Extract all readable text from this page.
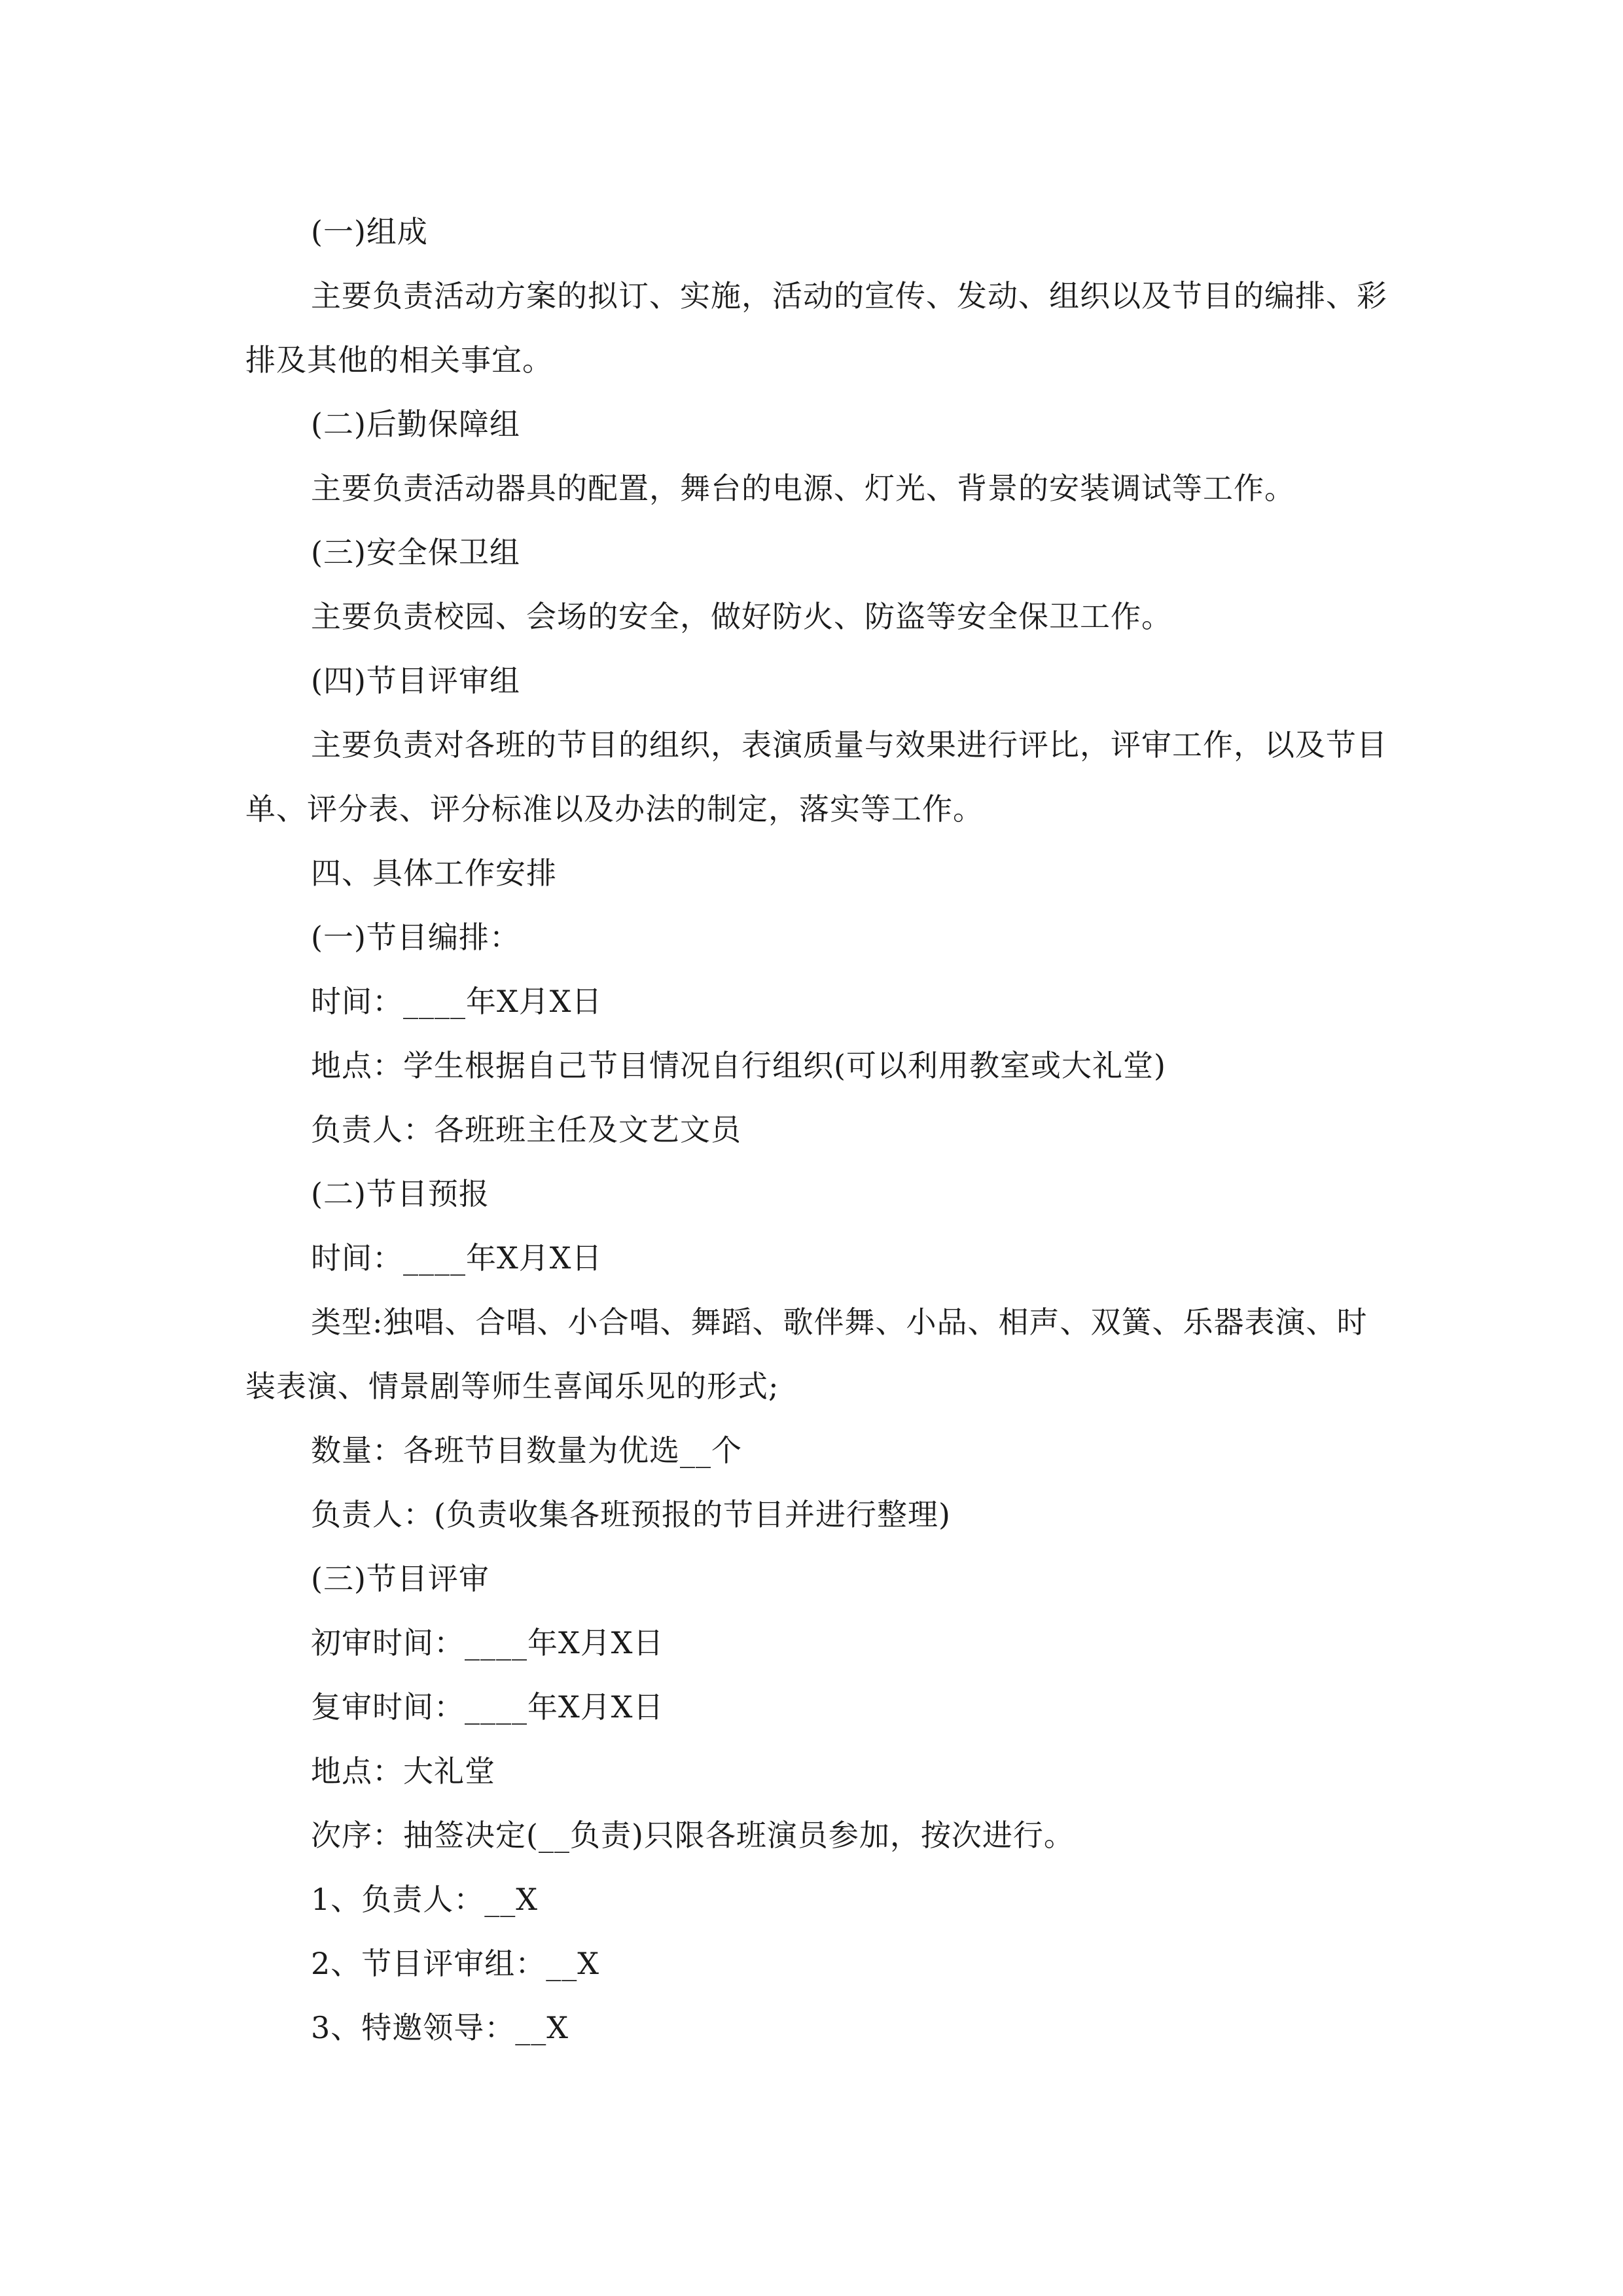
(一)组成

主要负责活动方案的拟订、实施，活动的宣传、发动、组织以及节目的编排、彩排及其他的相关事宜。

(二)后勤保障组

主要负责活动器具的配置，舞台的电源、灯光、背景的安装调试等工作。

(三)安全保卫组

主要负责校园、会场的安全，做好防火、防盗等安全保卫工作。

(四)节目评审组

主要负责对各班的节目的组织，表演质量与效果进行评比，评审工作，以及节目单、评分表、评分标准以及办法的制定，落实等工作。

四、具体工作安排

(一)节目编排：

时间：____年X月X日

地点：学生根据自己节目情况自行组织(可以利用教室或大礼堂)

负责人：各班班主任及文艺文员

(二)节目预报

时间：____年X月X日

类型:独唱、合唱、小合唱、舞蹈、歌伴舞、小品、相声、双簧、乐器表演、时装表演、情景剧等师生喜闻乐见的形式;

数量：各班节目数量为优选__个

负责人：(负责收集各班预报的节目并进行整理)

(三)节目评审

初审时间：____年X月X日

复审时间：____年X月X日

地点：大礼堂

次序：抽签决定(__负责)只限各班演员参加，按次进行。

1、负责人：__X

2、节目评审组：__X

3、特邀领导：__X
